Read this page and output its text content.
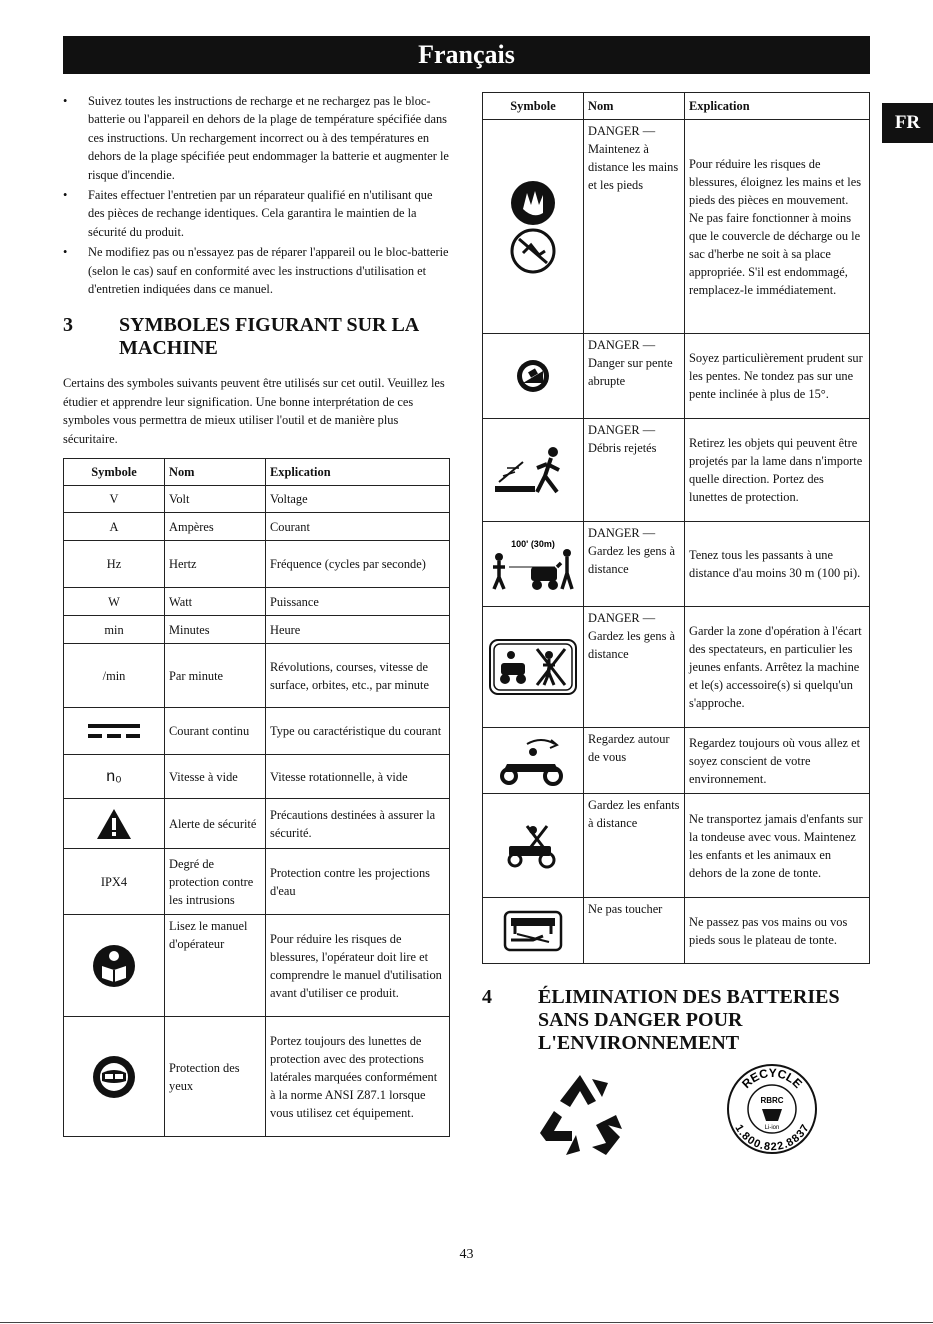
Français
FR
• Suivez toutes les instructions de recharge et ne rechargez pas le bloc-batterie ou l'appareil en dehors de la plage de température spécifiée dans ces instructions. Un rechargement incorrect ou à des températures en dehors de la plage spécifiée peut endommager la batterie et augmenter le risque d'incendie.
• Faites effectuer l'entretien par un réparateur qualifié en n'utilisant que des pièces de rechange identiques. Cela garantira le maintien de la sécurité du produit.
• Ne modifiez pas ou n'essayez pas de réparer l'appareil ou le bloc-batterie (selon le cas) sauf en conformité avec les instructions d'utilisation et d'entretien indiquées dans ce manuel.
3	SYMBOLES FIGURANT SUR LA MACHINE
Certains des symboles suivants peuvent être utilisés sur cet outil. Veuillez les étudier et apprendre leur signification. Une bonne interprétation de ces symboles vous permettra de mieux utiliser l'outil et de manière plus sécuritaire.
Symbole	Nom	Explication
V	Volt	Voltage
A	Ampères	Courant
Hz	Hertz	Fréquence (cycles par seconde)
W	Watt	Puissance
min	Minutes	Heure
/min	Par minute	Révolutions, courses, vitesse de surface, orbites, etc., par minute
	Courant continu	Type ou caractéristique du courant
n₀	Vitesse à vide	Vitesse rotationnelle, à vide
	Alerte de sécurité	Précautions destinées à assurer la sécurité.
IPX4	Degré de protection contre les intrusions	Protection contre les projections d'eau
	Lisez le manuel d'opérateur	Pour réduire les risques de blessures, l'opérateur doit lire et comprendre le manuel d'utilisation avant d'utiliser ce produit.
	Protection des yeux	Portez toujours des lunettes de protection avec des protections latérales marquées conformément à la norme ANSI Z87.1 lorsque vous utilisez cet équipement.
Symbole	Nom	Explication
	DANGER — Maintenez à distance les mains et les pieds	Pour réduire les risques de blessures, éloignez les mains et les pieds des pièces en mouvement. Ne pas faire fonctionner à moins que le couvercle de décharge ou le sac d'herbe ne soit à sa place appropriée. S'il est endommagé, remplacez-le immédiatement.
	DANGER — Danger sur pente abrupte	Soyez particulièrement prudent sur les pentes. Ne tondez pas sur une pente inclinée à plus de 15°.
	DANGER — Débris rejetés	Retirez les objets qui peuvent être projetés par la lame dans n'importe quelle direction. Portez des lunettes de protection.

100' (30m)	DANGER — Gardez les gens à distance	Tenez tous les passants à une distance d'au moins 30 m (100 pi).
	DANGER — Gardez les gens à distance	Garder la zone d'opération à l'écart des spectateurs, en particulier les jeunes enfants. Arrêtez la machine et le(s) accessoire(s) si quelqu'un s'approche.
	Regardez autour de vous	Regardez toujours où vous allez et soyez conscient de votre environnement.
	Gardez les enfants à distance	Ne transportez jamais d'enfants sur la tondeuse avec vous. Maintenez les enfants et les animaux en dehors de la zone de tonte.
	Ne pas toucher	Ne passez pas vos mains ou vos pieds sous le plateau de tonte.
4	ÉLIMINATION DES BATTERIES SANS DANGER POUR L'ENVIRONNEMENT
RECYCLE
1.800.822.8837
RBRC
Li-ion
43
